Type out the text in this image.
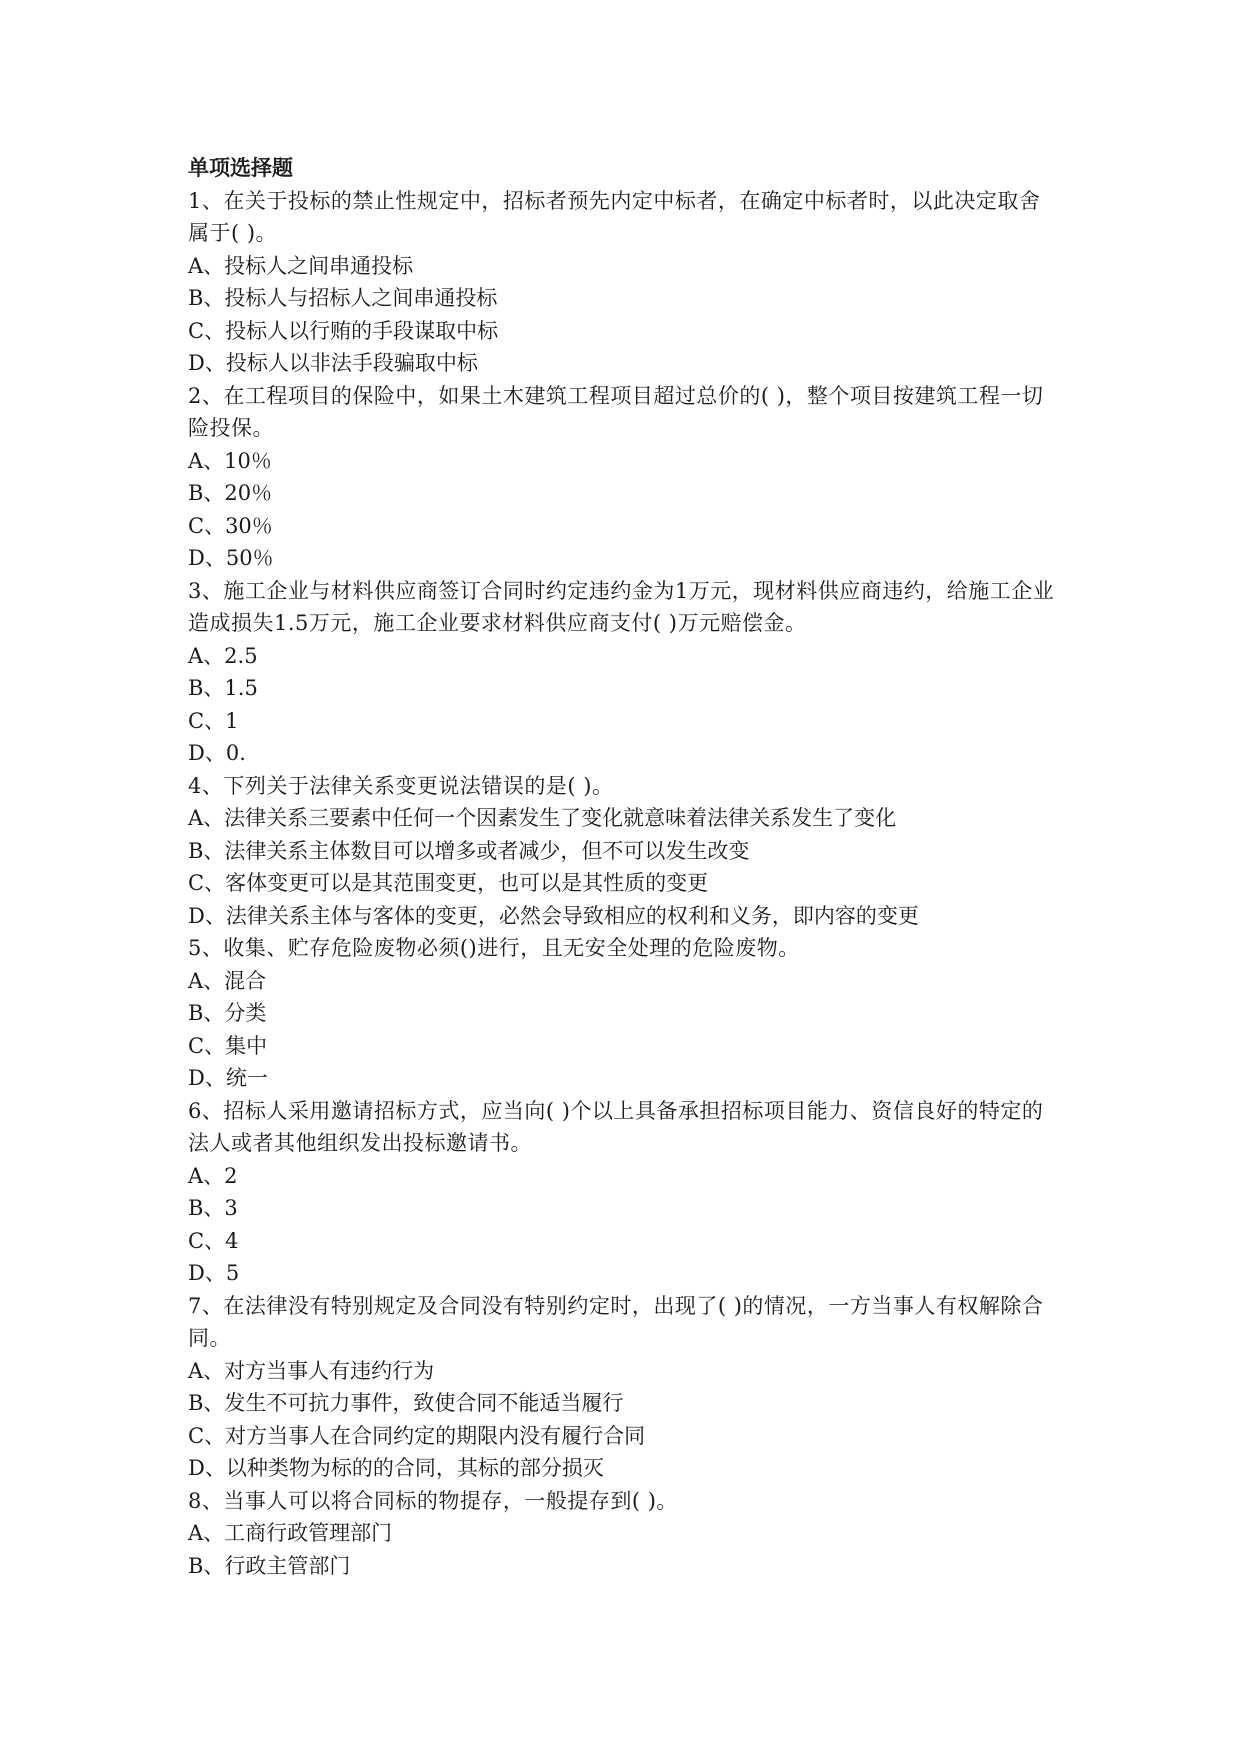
单项选择题

1、在关于投标的禁止性规定中，招标者预先内定中标者，在确定中标者时，以此决定取舍属于( )。

A、投标人之间串通投标

B、投标人与招标人之间串通投标

C、投标人以行贿的手段谋取中标

D、投标人以非法手段骗取中标

2、在工程项目的保险中，如果土木建筑工程项目超过总价的( )，整个项目按建筑工程一切险投保。

A、10％

B、20％

C、30％

D、50％

3、施工企业与材料供应商签订合同时约定违约金为1万元，现材料供应商违约，给施工企业造成损失1.5万元，施工企业要求材料供应商支付( )万元赔偿金。

A、2.5

B、1.5

C、1

D、0.

4、下列关于法律关系变更说法错误的是( )。

A、法律关系三要素中任何一个因素发生了变化就意味着法律关系发生了变化

B、法律关系主体数目可以增多或者减少，但不可以发生改变

C、客体变更可以是其范围变更，也可以是其性质的变更

D、法律关系主体与客体的变更，必然会导致相应的权利和义务，即内容的变更

5、收集、贮存危险废物必须()进行，且无安全处理的危险废物。

A、混合

B、分类

C、集中

D、统一

6、招标人采用邀请招标方式，应当向( )个以上具备承担招标项目能力、资信良好的特定的法人或者其他组织发出投标邀请书。

A、2

B、3

C、4

D、5

7、在法律没有特别规定及合同没有特别约定时，出现了( )的情况，一方当事人有权解除合同。

A、对方当事人有违约行为

B、发生不可抗力事件，致使合同不能适当履行

C、对方当事人在合同约定的期限内没有履行合同

D、以种类物为标的的合同，其标的部分损灭

8、当事人可以将合同标的物提存，一般提存到( )。

A、工商行政管理部门

B、行政主管部门
